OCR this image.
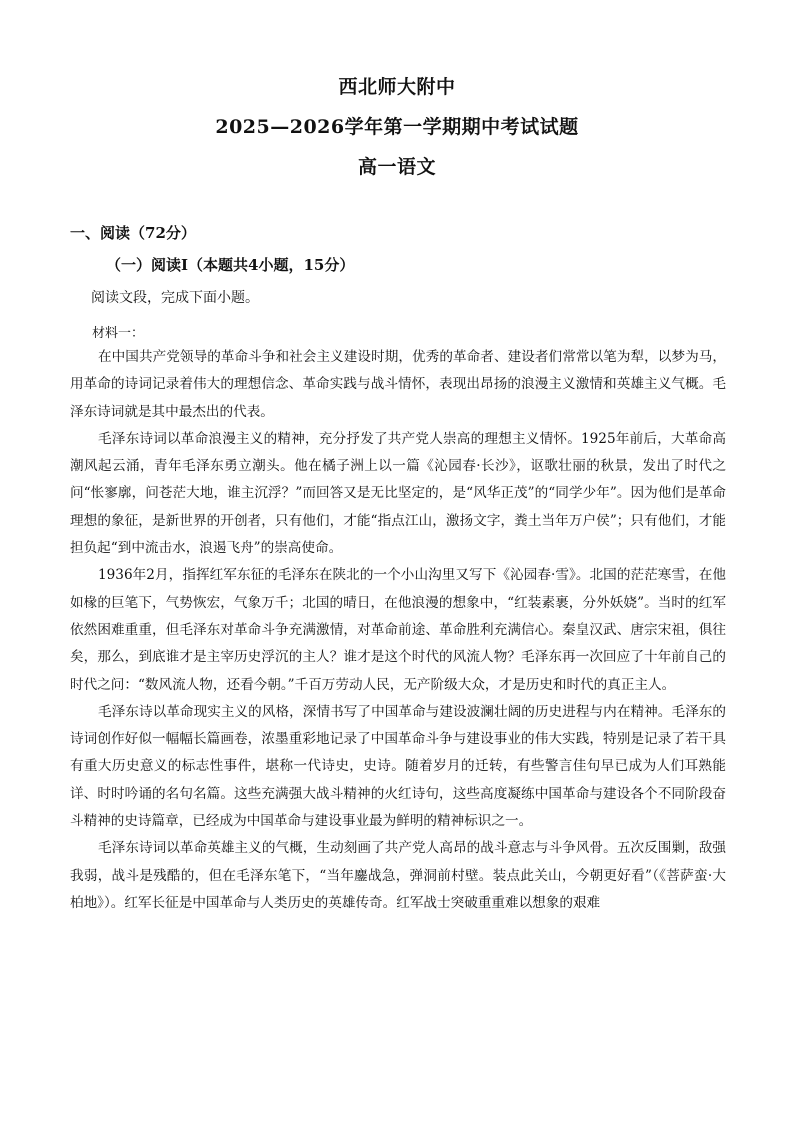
西北师大附中
2025—2026学年第一学期期中考试试题
高一语文
一、阅读（72分）
（一）阅读Ⅰ（本题共4小题，15分）
阅读文段，完成下面小题。
材料一：

在中国共产党领导的革命斗争和社会主义建设时期，优秀的革命者、建设者们常常以笔为犁，以梦为马，用革命的诗词记录着伟大的理想信念、革命实践与战斗情怀，表现出昂扬的浪漫主义激情和英雄主义气概。毛泽东诗词就是其中最杰出的代表。

毛泽东诗词以革命浪漫主义的精神，充分抒发了共产党人崇高的理想主义情怀。1925年前后，大革命高潮风起云涌，青年毛泽东勇立潮头。他在橘子洲上以一篇《沁园春·长沙》，讴歌壮丽的秋景，发出了时代之问“怅寥廓，问苍茫大地，谁主沉浮？”而回答又是无比坚定的，是“风华正茂”的“同学少年”。因为他们是革命理想的象征，是新世界的开创者，只有他们，才能“指点江山，激扬文字，粪土当年万户侯”；只有他们，才能担负起“到中流击水，浪遏飞舟”的崇高使命。

1936年2月，指挥红军东征的毛泽东在陕北的一个小山沟里又写下《沁园春·雪》。北国的茫茫寒雪，在他如椽的巨笔下，气势恢宏，气象万千；北国的晴日，在他浪漫的想象中，“红装素裹，分外妖娆”。当时的红军依然困难重重，但毛泽东对革命斗争充满激情，对革命前途、革命胜利充满信心。秦皇汉武、唐宗宋祖，俱往矣，那么，到底谁才是主宰历史浮沉的主人？谁才是这个时代的风流人物？毛泽东再一次回应了十年前自己的时代之问：“数风流人物，还看今朝。”千百万劳动人民，无产阶级大众，才是历史和时代的真正主人。

毛泽东诗以革命现实主义的风格，深情书写了中国革命与建设波澜壮阔的历史进程与内在精神。毛泽东的诗词创作好似一幅幅长篇画卷，浓墨重彩地记录了中国革命斗争与建设事业的伟大实践，特别是记录了若干具有重大历史意义的标志性事件，堪称一代诗史，史诗。随着岁月的迁转，有些警言佳句早已成为人们耳熟能详、时时吟诵的名句名篇。这些充满强大战斗精神的火红诗句，这些高度凝练中国革命与建设各个不同阶段奋斗精神的史诗篇章，已经成为中国革命与建设事业最为鲜明的精神标识之一。

毛泽东诗词以革命英雄主义的气概，生动刻画了共产党人高昂的战斗意志与斗争风骨。五次反围剿，敌强我弱，战斗是残酷的，但在毛泽东笔下，“当年鏖战急，弹洞前村壁。装点此关山，今朝更好看”（《菩萨蛮·大柏地》）。红军长征是中国革命与人类历史的英雄传奇。红军战士突破重重难以想象的艰难
